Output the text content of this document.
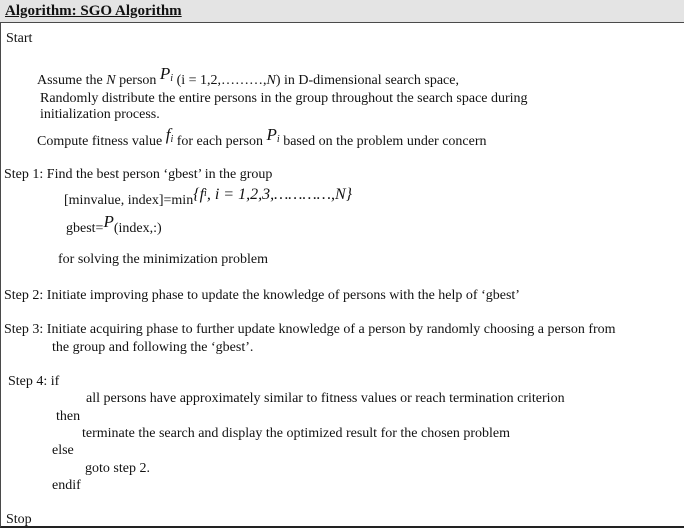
Algorithm: SGO Algorithm
Start
Assume the N person $P^i$ (i = 1,2,………,N) in D-dimensional search space,
Randomly distribute the entire persons in the group throughout the search space during
initialization process.
Compute fitness value $f^i$ for each person $P^i$ based on the problem under concern
Step 1: Find the best person ‘gbest’ in the group
[minvalue, index]=min{fi, i = 1,2,3,…………,N}
gbest=P(index,:)
for solving the minimization problem
Step 2: Initiate improving phase to update the knowledge of persons with the help of ‘gbest’
Step 3: Initiate acquiring phase to further update knowledge of a person by randomly choosing a person from
the group and following the ‘gbest’.
Step 4: if
all persons have approximately similar to fitness values or reach termination criterion
then
terminate the search and display the optimized result for the chosen problem
else
goto step 2.
endif
Stop
